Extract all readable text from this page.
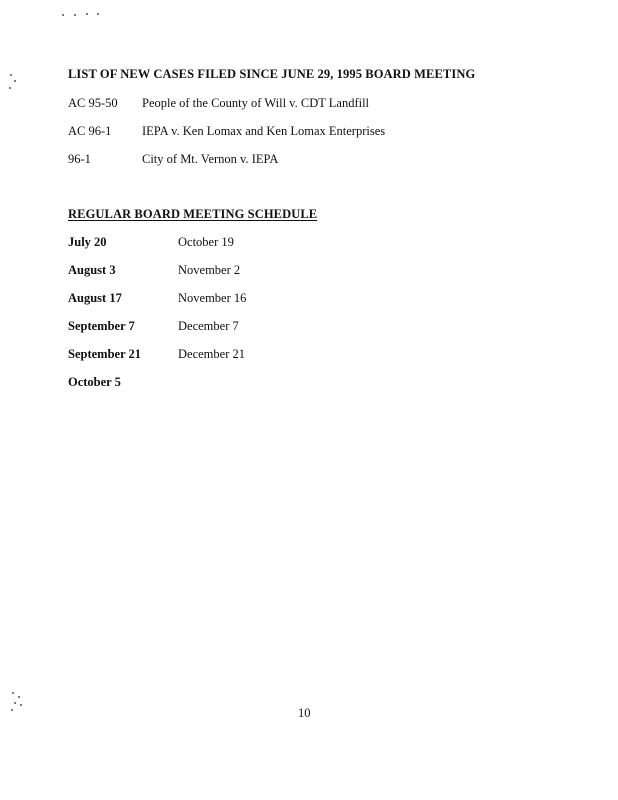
LIST OF NEW CASES FILED SINCE JUNE 29, 1995 BOARD MEETING
AC 95-50 People of the County of Will v. CDT Landfill
AC 96-1 IEPA v. Ken Lomax and Ken Lomax Enterprises
96-1	City of Mt. Vernon v. IEPA
REGULAR BOARD MEETING SCHEDULE
July 20
August 3
August 17
September 7
September 21
October 5
October 19
November 2
November 16
December 7
December 21
10
